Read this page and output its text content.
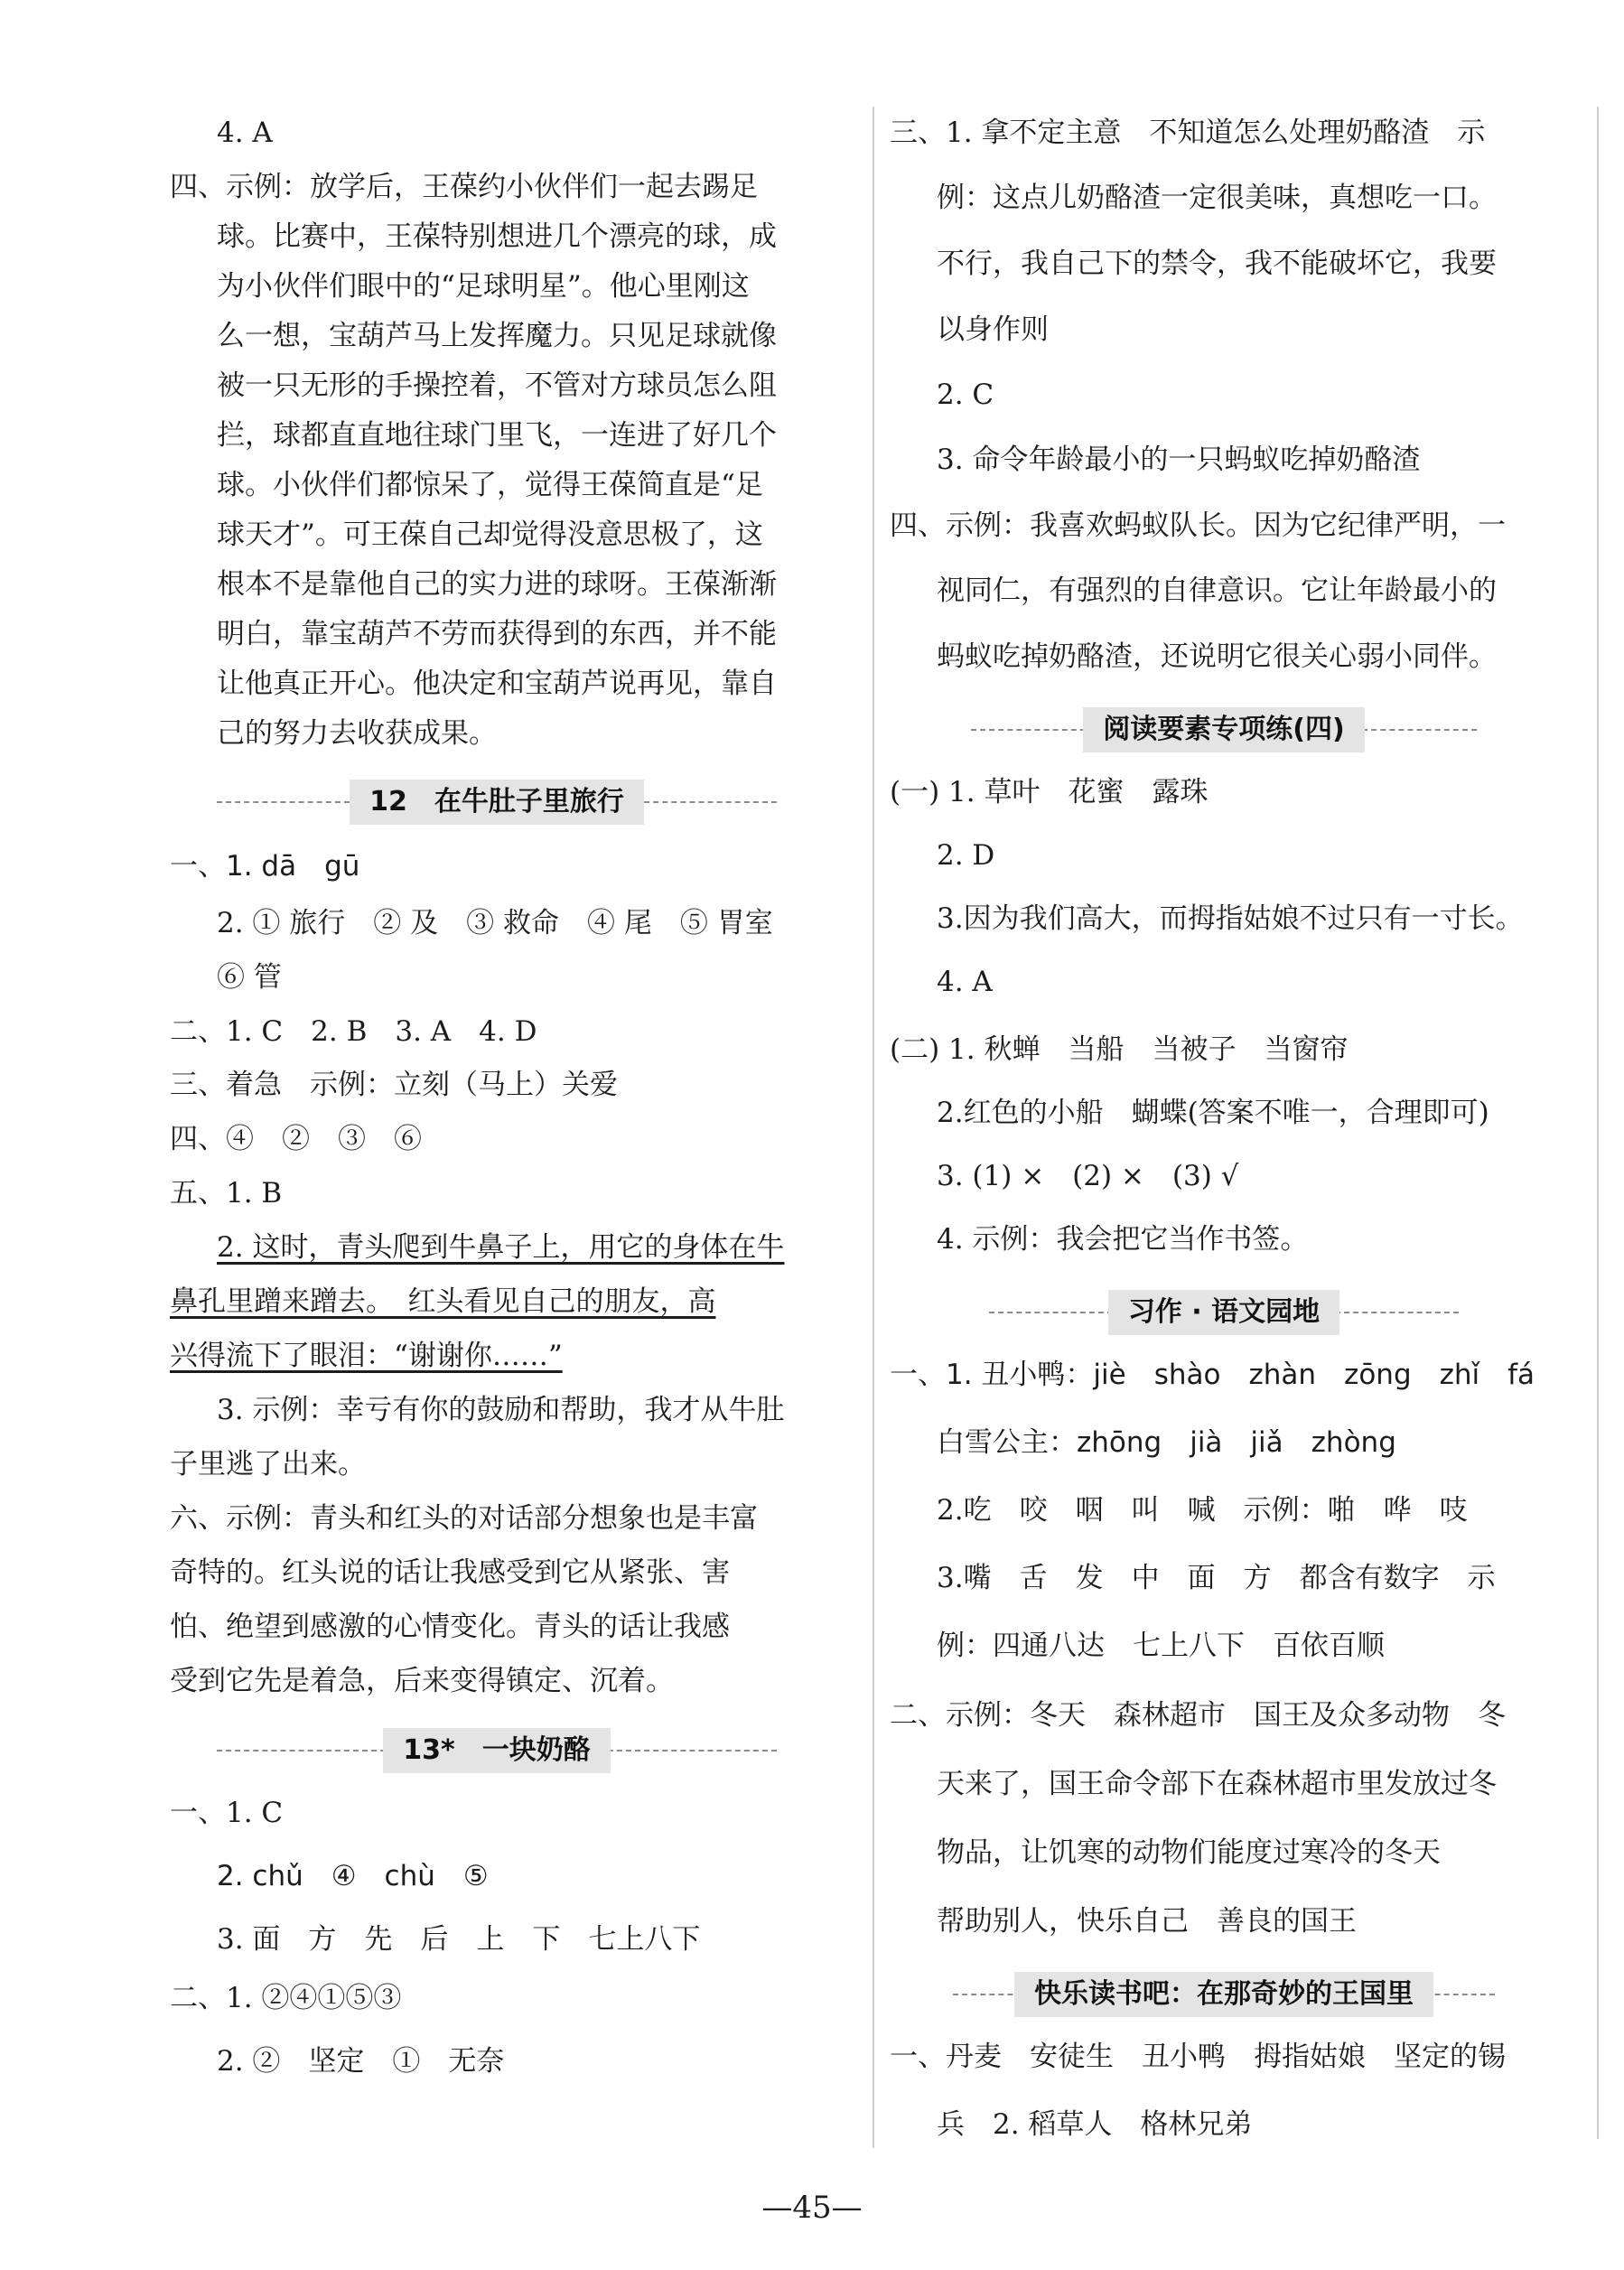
4. A
四、示例：放学后，王葆约小伙伴们一起去踢足
球。比赛中，王葆特别想进几个漂亮的球，成
为小伙伴们眼中的“足球明星”。他心里刚这
么一想，宝葫芦马上发挥魔力。只见足球就像
被一只无形的手操控着，不管对方球员怎么阻
拦，球都直直地往球门里飞，一连进了好几个
球。小伙伴们都惊呆了，觉得王葆简直是“足
球天才”。可王葆自己却觉得没意思极了，这
根本不是靠他自己的实力进的球呀。王葆渐渐
明白，靠宝葫芦不劳而获得到的东西，并不能
让他真正开心。他决定和宝葫芦说再见，靠自
己的努力去收获成果。
12　在牛肚子里旅行
一、1. dā　gū
2. ① 旅行　② 及　③ 救命　④ 尾　⑤ 胃室
⑥ 管
二、1. C　2. B　3. A　4. D
三、着急　示例：立刻（马上）关爱
四、④　②　③　⑥
五、1. B
2. 这时，青头爬到牛鼻子上，用它的身体在牛
鼻孔里蹭来蹭去。　红头看见自己的朋友，高
兴得流下了眼泪：“谢谢你……”
3. 示例：幸亏有你的鼓励和帮助，我才从牛肚
子里逃了出来。
六、示例：青头和红头的对话部分想象也是丰富
奇特的。红头说的话让我感受到它从紧张、害
怕、绝望到感激的心情变化。青头的话让我感
受到它先是着急，后来变得镇定、沉着。
13*　一块奶酪
一、1. C
2. chǔ　④　chù　⑤
3. 面　方　先　后　上　下　七上八下
二、1. ②④①⑤③
2. ②　坚定　①　无奈
三、1. 拿不定主意　不知道怎么处理奶酪渣　示
例：这点儿奶酪渣一定很美味，真想吃一口。
不行，我自己下的禁令，我不能破坏它，我要
以身作则
2. C
3. 命令年龄最小的一只蚂蚁吃掉奶酪渣
四、示例：我喜欢蚂蚁队长。因为它纪律严明，一
视同仁，有强烈的自律意识。它让年龄最小的
蚂蚁吃掉奶酪渣，还说明它很关心弱小同伴。
阅读要素专项练(四)
(一) 1. 草叶　花蜜　露珠
2. D
3.因为我们高大，而拇指姑娘不过只有一寸长。
4. A
(二) 1. 秋蝉　当船　当被子　当窗帘
2.红色的小船　蝴蝶(答案不唯一，合理即可)
3. (1) ×　(2) ×　(3) √
4. 示例：我会把它当作书签。
习作 · 语文园地
一、1. 丑小鸭：jiè　shào　zhàn　zōng　zhǐ　fá
白雪公主：zhōng　jià　jiǎ　zhòng
2.吃　咬　咽　叫　喊　示例：啪　哗　吱
3.嘴　舌　发　中　面　方　都含有数字　示
例：四通八达　七上八下　百依百顺
二、示例：冬天　森林超市　国王及众多动物　冬
天来了，国王命令部下在森林超市里发放过冬
物品，让饥寒的动物们能度过寒冷的冬天
帮助别人，快乐自己　善良的国王
快乐读书吧：在那奇妙的王国里
一、丹麦　安徒生　丑小鸭　拇指姑娘　坚定的锡
兵　2. 稻草人　格林兄弟
—45—
